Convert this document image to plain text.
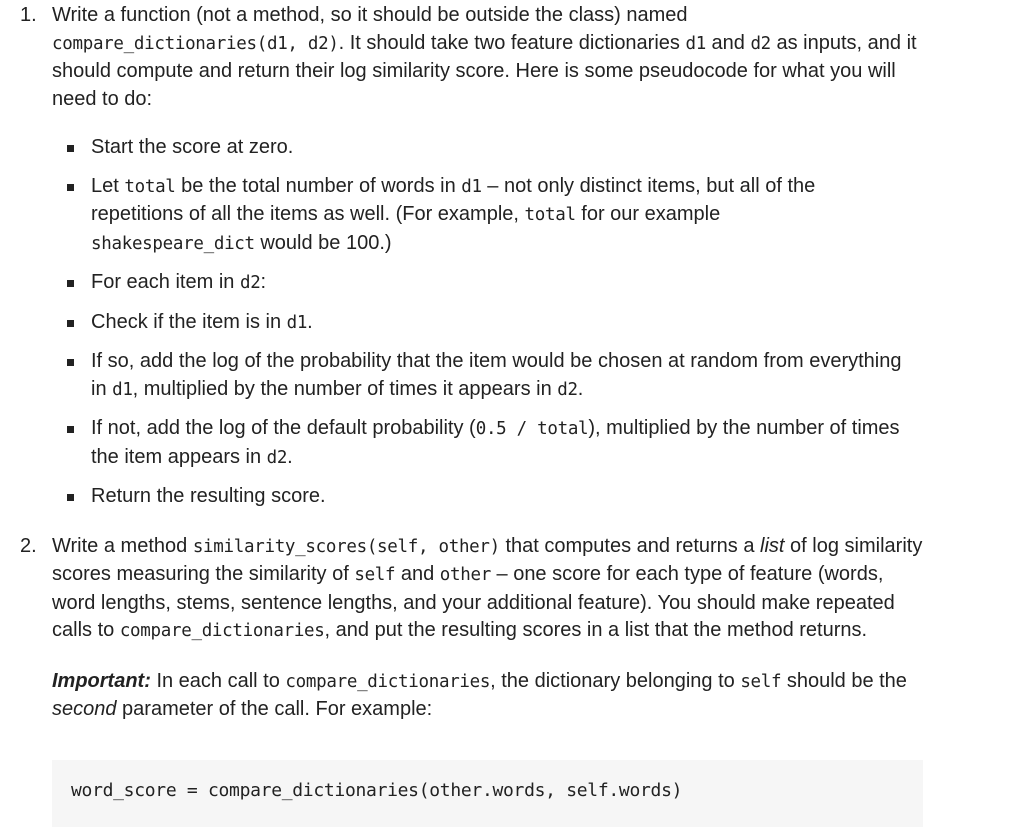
1. Write a function (not a method, so it should be outside the class) named
compare_dictionaries(d1, d2). It should take two feature dictionaries d1 and d2 as inputs, and it should compute and return their log similarity score. Here is some pseudocode for what you will need to do:
Start the score at zero.
Let total be the total number of words in d1 – not only distinct items, but all of the repetitions of all the items as well. (For example, total for our example
shakespeare_dict would be 100.)
For each item in d2:
Check if the item is in d1.
If so, add the log of the probability that the item would be chosen at random from everything in d1, multiplied by the number of times it appears in d2.
If not, add the log of the default probability (0.5 / total), multiplied by the number of times the item appears in d2.
Return the resulting score.
2. Write a method similarity_scores(self, other) that computes and returns a list of log similarity scores measuring the similarity of self and other – one score for each type of feature (words, word lengths, stems, sentence lengths, and your additional feature). You should make repeated calls to compare_dictionaries, and put the resulting scores in a list that the method returns.
Important: In each call to compare_dictionaries, the dictionary belonging to self should be the second parameter of the call. For example:
word_score = compare_dictionaries(other.words, self.words)
